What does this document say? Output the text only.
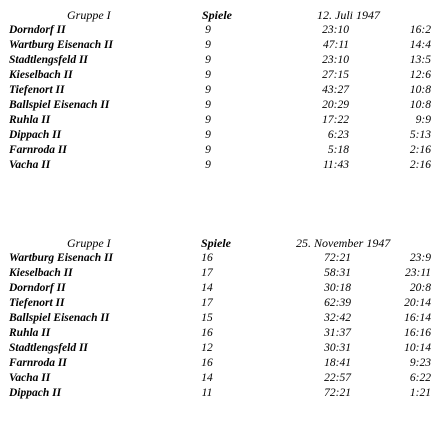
Gruppe I	Spiele	12. Juli 1947
Dorndorf II	9	23:10	16:2
Wartburg Eisenach II	9	47:11	14:4
Stadtlengsfeld II	9	23:10	13:5
Kieselbach II	9	27:15	12:6
Tiefenort II	9	43:27	10:8
Ballspiel Eisenach II	9	20:29	10:8
Ruhla II	9	17:22	9:9
Dippach II	9	6:23	5:13
Farnroda II	9	5:18	2:16
Vacha II	9	11:43	2:16
Gruppe I	Spiele	25. November 1947
Wartburg Eisenach II	16	72:21	23:9
Kieselbach II	17	58:31	23:11
Dorndorf II	14	30:18	20:8
Tiefenort II	17	62:39	20:14
Ballspiel Eisenach II	15	32:42	16:14
Ruhla II	16	31:37	16:16
Stadtlengsfeld II	12	30:31	10:14
Farnroda II	16	18:41	9:23
Vacha II	14	22:57	6:22
Dippach II	11	72:21	1:21
